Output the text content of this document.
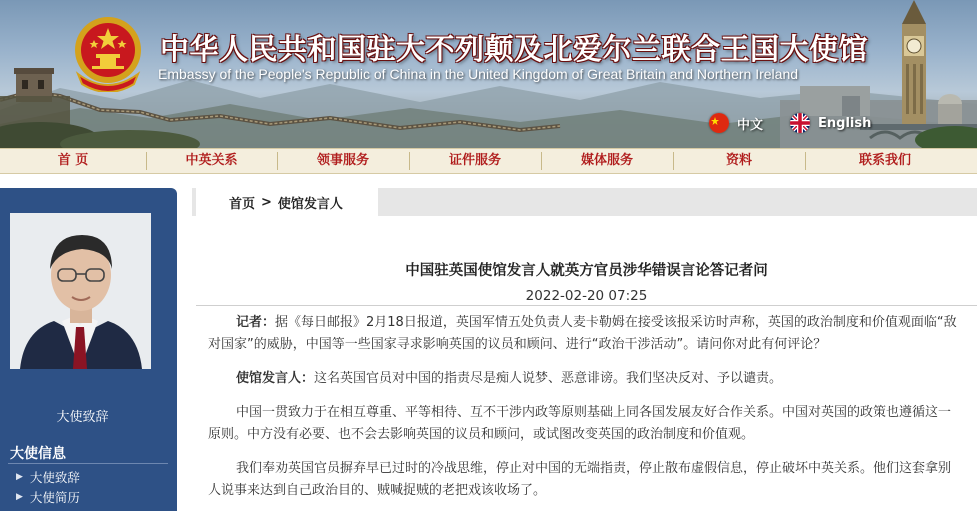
中华人民共和国驻大不列颠及北爱尔兰联合王国大使馆
Embassy of the People's Republic of China in the United Kingdom of Great Britain and Northern Ireland
中文	English
首 页	中英关系	领事服务	证件服务	媒体服务	资料	联系我们
大使致辞
大使信息
▶ 大使致辞
▶ 大使简历
首页 > 使馆发言人
中国驻英国使馆发言人就英方官员涉华错误言论答记者问
2022-02-20 07:25

记者：据《每日邮报》2月18日报道，英国军情五处负责人麦卡勒姆在接受该报采访时声称，英国的政治制度和价值观面临“敌对国家”的威胁，中国等一些国家寻求影响英国的议员和顾问、进行“政治干涉活动”。请问你对此有何评论？

使馆发言人：这名英国官员对中国的指责尽是痴人说梦、恶意诽谤。我们坚决反对、予以谴责。

中国一贯致力于在相互尊重、平等相待、互不干涉内政等原则基础上同各国发展友好合作关系。中国对英国的政策也遵循这一原则。中方没有必要、也不会去影响英国的议员和顾问，或试图改变英国的政治制度和价值观。

我们奉劝英国官员摒弃早已过时的冷战思维，停止对中国的无端指责，停止散布虚假信息，停止破坏中英关系。他们这套拿别人说事来达到自己政治目的、贼喊捉贼的老把戏该收场了。
